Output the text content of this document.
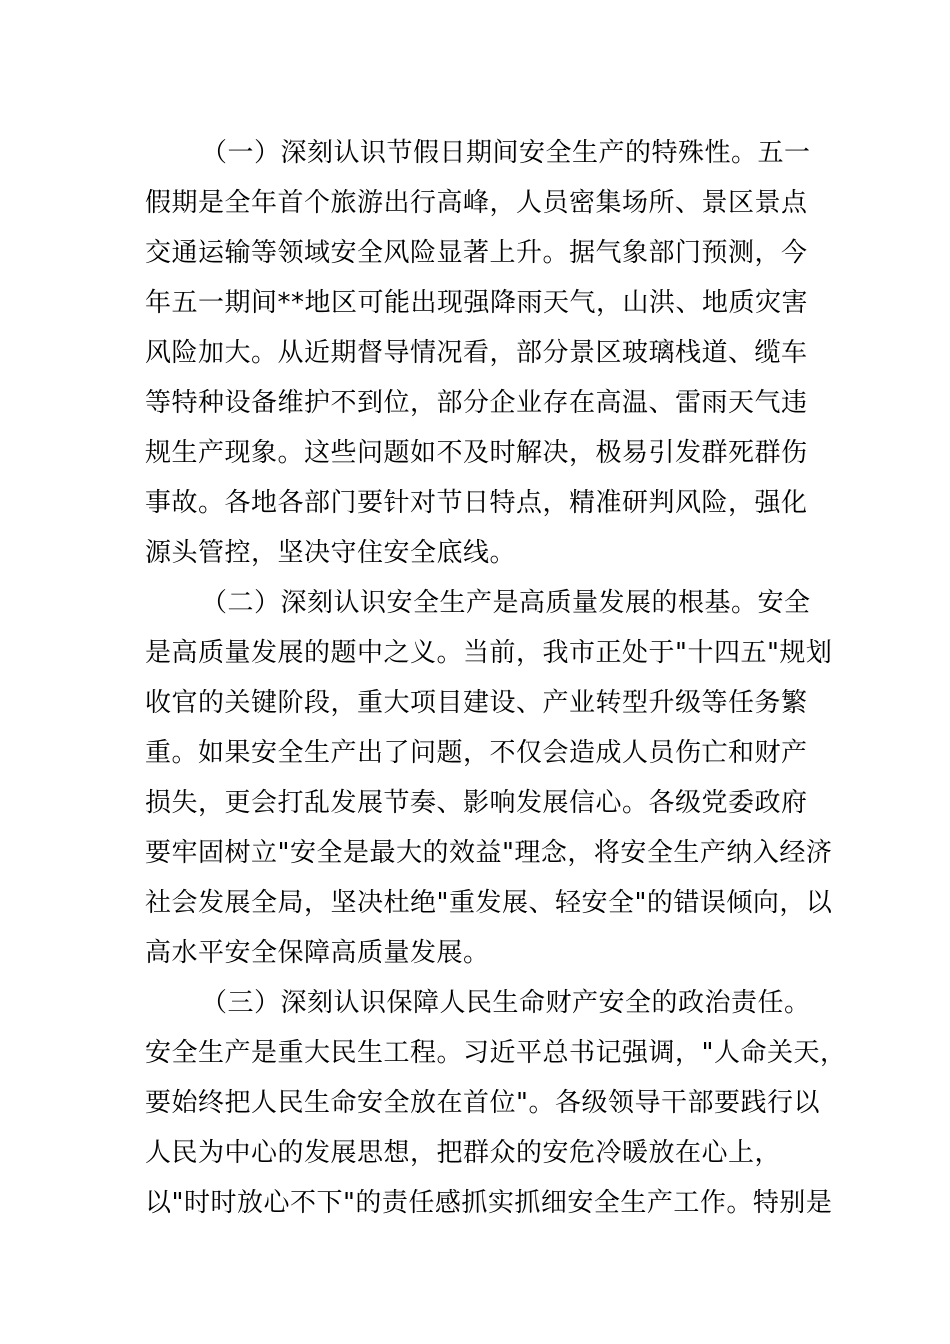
（一）深刻认识节假日期间安全生产的特殊性。五一
假期是全年首个旅游出行高峰，人员密集场所、景区景点
交通运输等领域安全风险显著上升。据气象部门预测，今
年五一期间**地区可能出现强降雨天气，山洪、地质灾害
风险加大。从近期督导情况看，部分景区玻璃栈道、缆车
等特种设备维护不到位，部分企业存在高温、雷雨天气违
规生产现象。这些问题如不及时解决，极易引发群死群伤
事故。各地各部门要针对节日特点，精准研判风险，强化
源头管控，坚决守住安全底线。
（二）深刻认识安全生产是高质量发展的根基。安全
是高质量发展的题中之义。当前，我市正处于"十四五"规划
收官的关键阶段，重大项目建设、产业转型升级等任务繁
重。如果安全生产出了问题，不仅会造成人员伤亡和财产
损失，更会打乱发展节奏、影响发展信心。各级党委政府
要牢固树立"安全是最大的效益"理念，将安全生产纳入经济
社会发展全局，坚决杜绝"重发展、轻安全"的错误倾向，以
高水平安全保障高质量发展。
（三）深刻认识保障人民生命财产安全的政治责任。
安全生产是重大民生工程。习近平总书记强调，"人命关天，
要始终把人民生命安全放在首位"。各级领导干部要践行以
人民为中心的发展思想，把群众的安危冷暖放在心上，
以"时时放心不下"的责任感抓实抓细安全生产工作。特别是
